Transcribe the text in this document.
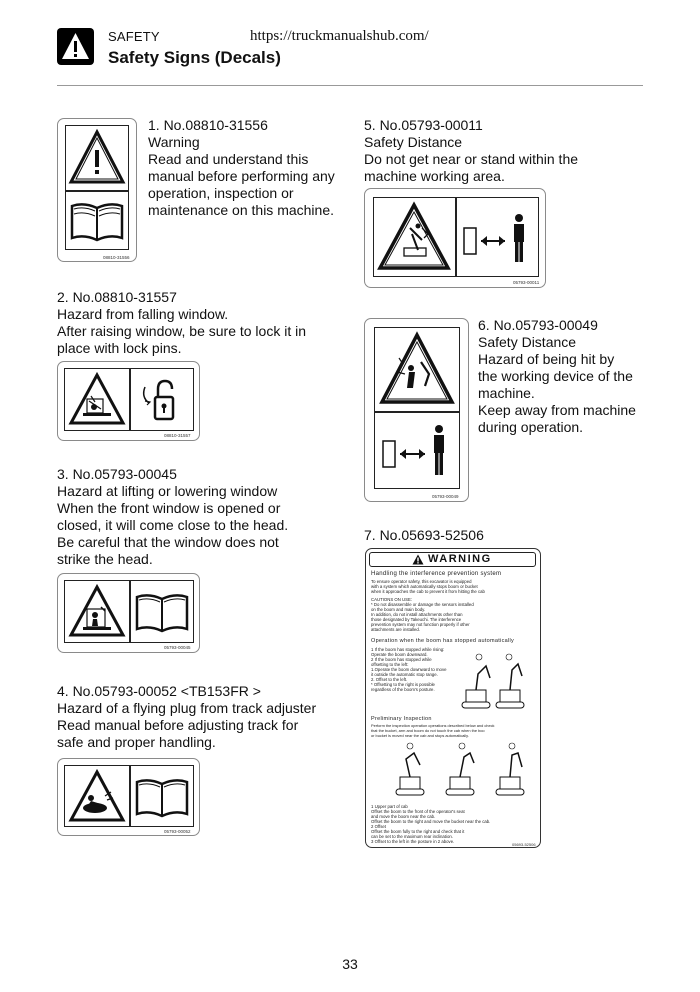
SAFETY	https://truckmanualshub.com/
Safety Signs (Decals)
08810-31556
1. No.08810-31556
Warning
Read and understand this
manual before performing any
operation, inspection or
maintenance on this machine.
2. No.08810-31557
Hazard from falling window.
After raising window, be sure to lock it in
place with lock pins.
08810-31557
3. No.05793-00045
Hazard at lifting or lowering window
When the front window is opened or
closed, it will come close to the head.
Be careful that the window does not
strike the head.
05793-00045
4. No.05793-00052 <TB153FR >
Hazard of a flying plug from track adjuster
Read manual before adjusting track for
safe and proper handling.
05793-00052
5. No.05793-00011
Safety Distance
Do not get near or stand within the
machine working area.
05793-00011
05793-00049
6. No.05793-00049
Safety Distance
Hazard of being hit by
the working device of the
machine.
Keep away from machine
during operation.
7. No.05693-52506
WARNING
Handling the interference prevention system
To ensure operator safety, this excavator is equipped
with a system which automatically stops boom or bucket
when it approaches the cab to prevent it from hitting the cab
CAUTIONS ON USE:
* Do not disassemble or damage the sensors installed
on the boom and main body.
In addition, do not install attachments other than
those designated by Takeuchi. The interference
prevention system may not function properly if other
attachments are installed.
Operation when the boom has stopped automatically
1 If the boom has stopped while rising:
Operate the boom downward.
2 If the boom has stopped while
offsetting to the left:
1.Operate the boom downward to move
it outside the automatic stop range.
2. Offset to the left.
* Offsetting to the right is possible
regardless of the boom's posture.
Preliminary Inspection
Perform the inspection operation operations described below and check
that the bucket, arm and boom do not touch the cab when the boo
or bucket is moved near the cab and stops automatically.
1 Upper part of cab
Offset the boom to the front of the operator's seat
and move the boom near the cab.
Offset the boom to the right and move the bucket near the cab.
2 Offset
Offset the boom fully to the right and check that it
can be set to the maximum rear inclination.
3 Offset to the left in the posture in 2 above.
05693-52506
33
